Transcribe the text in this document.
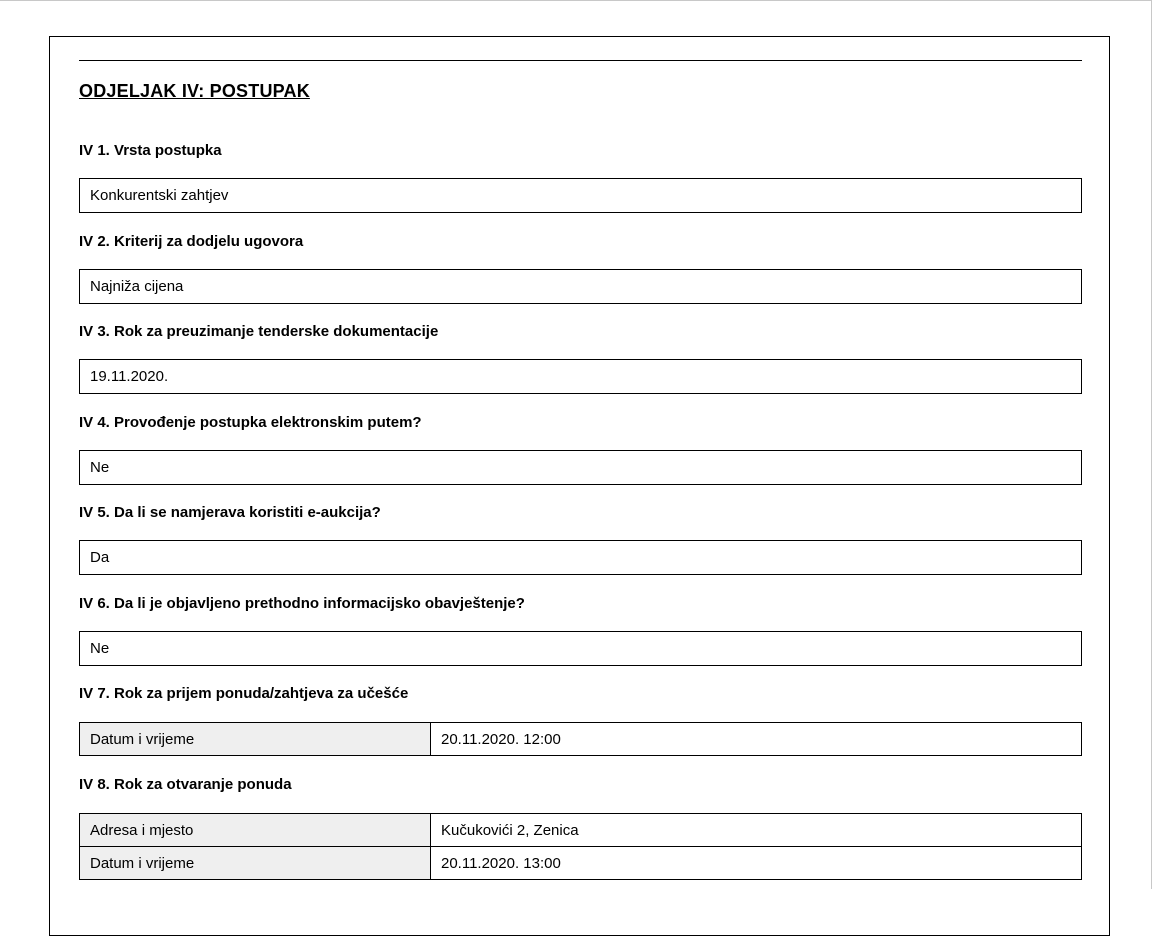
ODJELJAK IV: POSTUPAK
IV 1. Vrsta postupka
Konkurentski zahtjev
IV 2. Kriterij za dodjelu ugovora
Najniža cijena
IV 3. Rok za preuzimanje tenderske dokumentacije
19.11.2020.
IV 4. Provođenje postupka elektronskim putem?
Ne
IV 5. Da li se namjerava koristiti e-aukcija?
Da
IV 6. Da li je objavljeno prethodno informacijsko obavještenje?
Ne
IV 7. Rok za prijem ponuda/zahtjeva za učešće
Datum i vrijeme	20.11.2020. 12:00
IV 8. Rok za otvaranje ponuda
Adresa i mjesto	Kučukovići 2, Zenica
Datum i vrijeme	20.11.2020. 13:00
